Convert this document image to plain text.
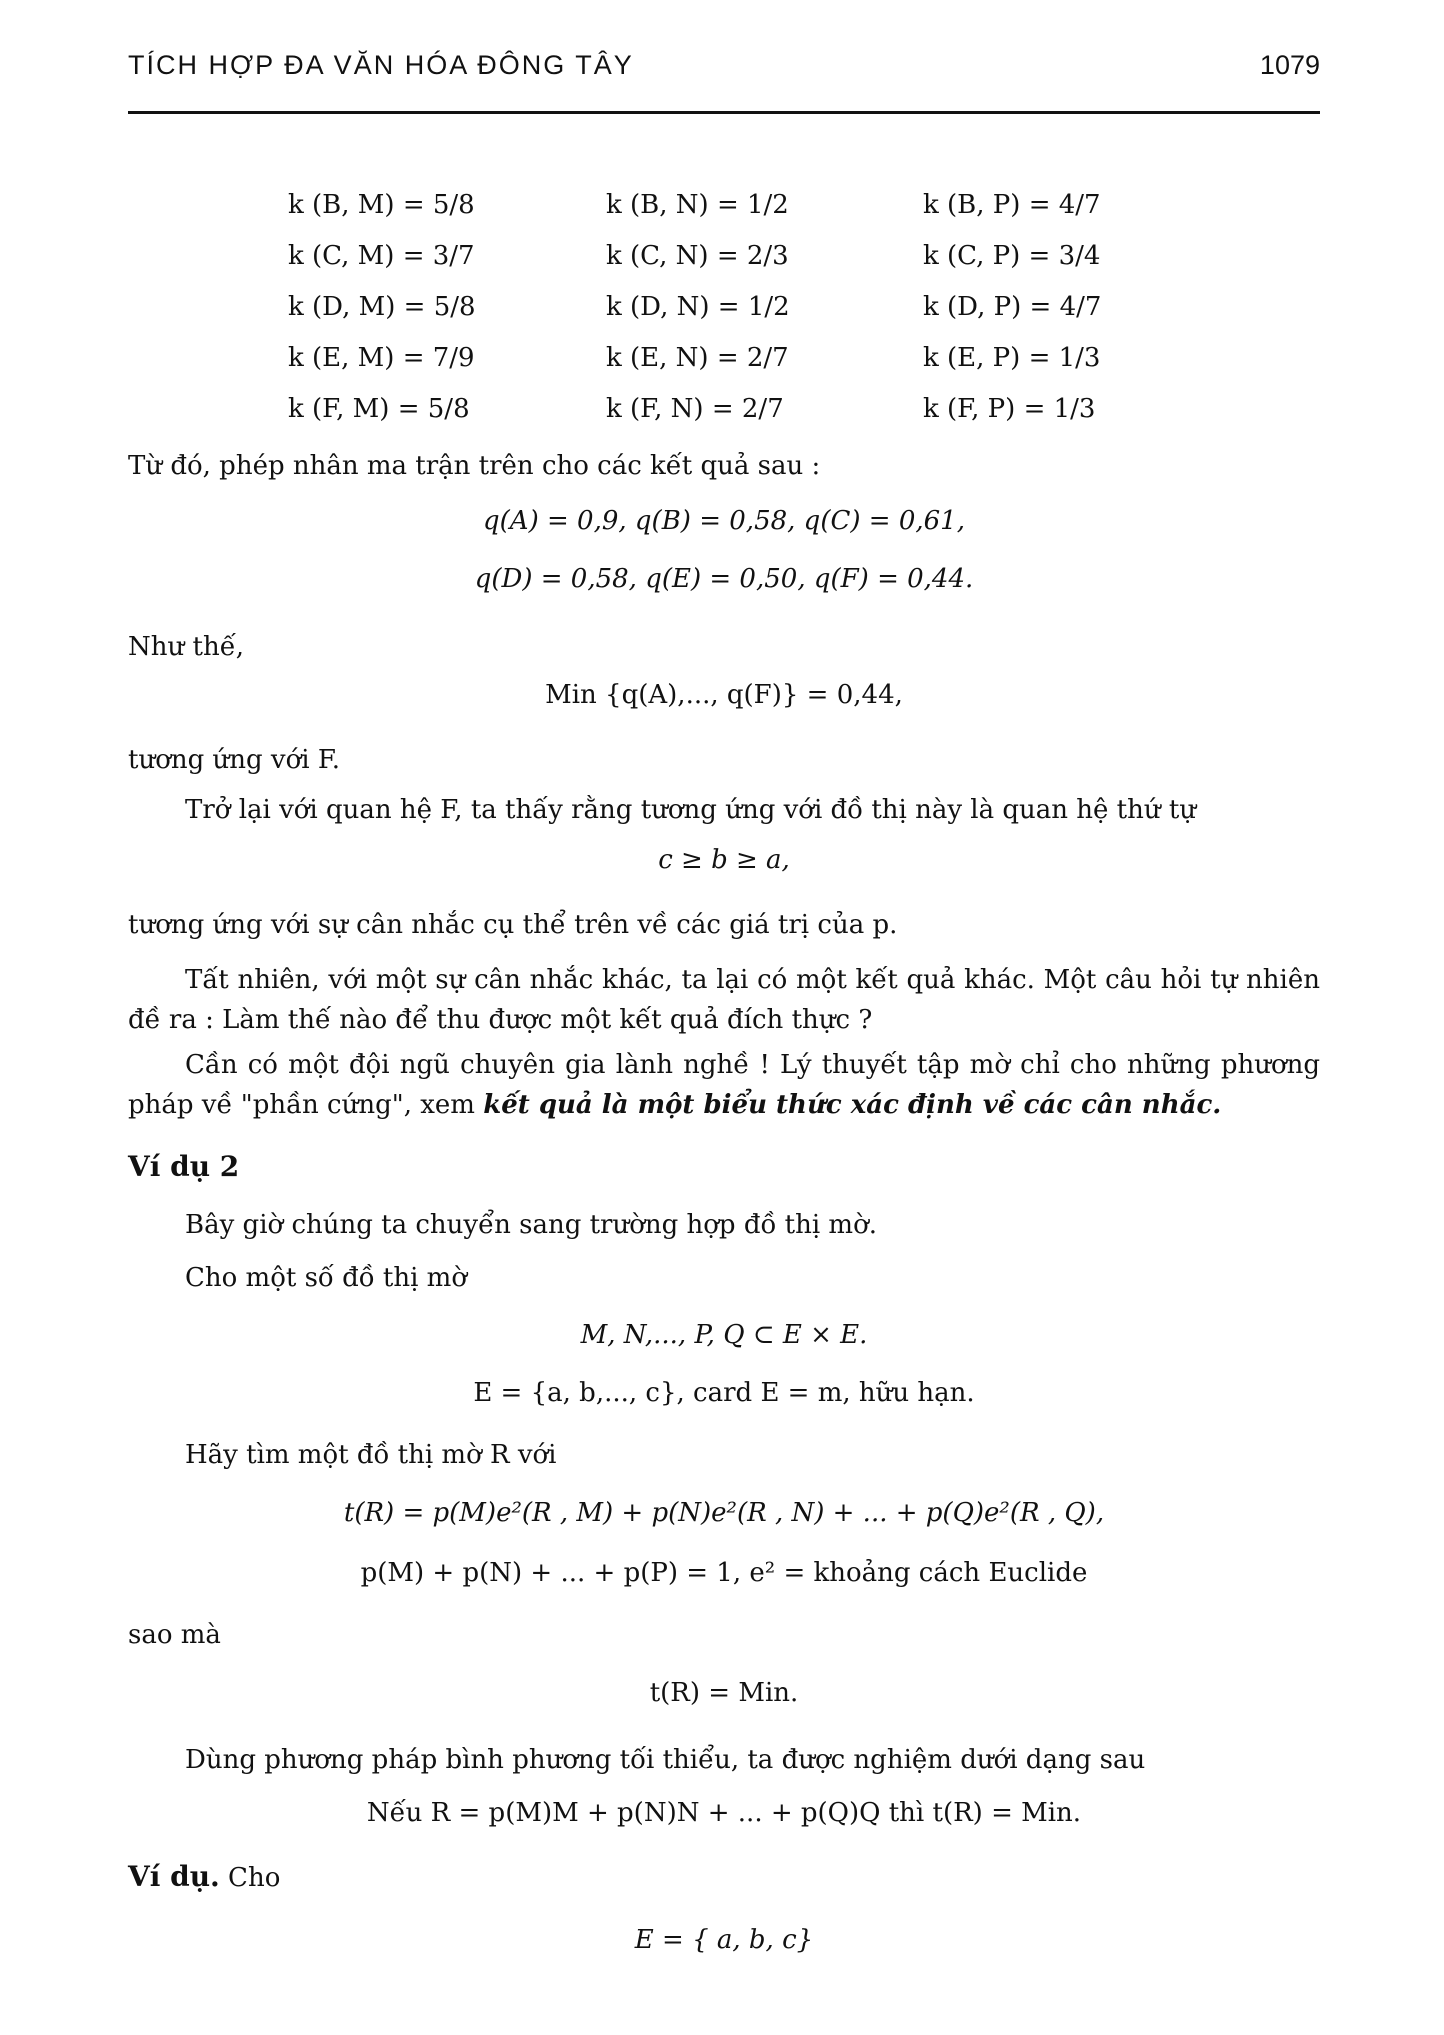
TÍCH HỢP ĐA VĂN HÓA ĐÔNG TÂY	1079
k (B, M) = 5/8	k (B, N) = 1/2	k (B, P) = 4/7
k (C, M) = 3/7	k (C, N) = 2/3	k (C, P) = 3/4
k (D, M) = 5/8	k (D, N) = 1/2	k (D, P) = 4/7
k (E, M) = 7/9	k (E, N) = 2/7	k (E, P) = 1/3
k (F, M) = 5/8	k (F, N) = 2/7	k (F, P) = 1/3
Từ đó, phép nhân ma trận trên cho các kết quả sau :
q(A) = 0,9, q(B) = 0,58, q(C) = 0,61,
q(D) = 0,58, q(E) = 0,50, q(F) = 0,44.
Như thế,
Min {q(A),..., q(F)} = 0,44,
tương ứng với F.
Trở lại với quan hệ F, ta thấy rằng tương ứng với đồ thị này là quan hệ thứ tự
c ≥ b ≥ a,
tương ứng với sự cân nhắc cụ thể trên về các giá trị của p.
Tất nhiên, với một sự cân nhắc khác, ta lại có một kết quả khác. Một câu hỏi tự nhiên đề ra : Làm thế nào để thu được một kết quả đích thực ?
Cần có một đội ngũ chuyên gia lành nghề ! Lý thuyết tập mờ chỉ cho những phương pháp về "phần cứng", xem kết quả là một biểu thức xác định về các cân nhắc.
Ví dụ 2
Bây giờ chúng ta chuyển sang trường hợp đồ thị mờ.
Cho một số đồ thị mờ
M, N,..., P, Q ⊂ E × E.
E = {a, b,..., c}, card E = m, hữu hạn.
Hãy tìm một đồ thị mờ R với
t(R) = p(M)e²(R , M) + p(N)e²(R , N) + ... + p(Q)e²(R , Q),
p(M) + p(N) + ... + p(P) = 1, e² = khoảng cách Euclide
sao mà
t(R) = Min.
Dùng phương pháp bình phương tối thiểu, ta được nghiệm dưới dạng sau
Nếu R = p(M)M + p(N)N + ... + p(Q)Q thì t(R) = Min.
Ví dụ. Cho
E = { a, b, c}
